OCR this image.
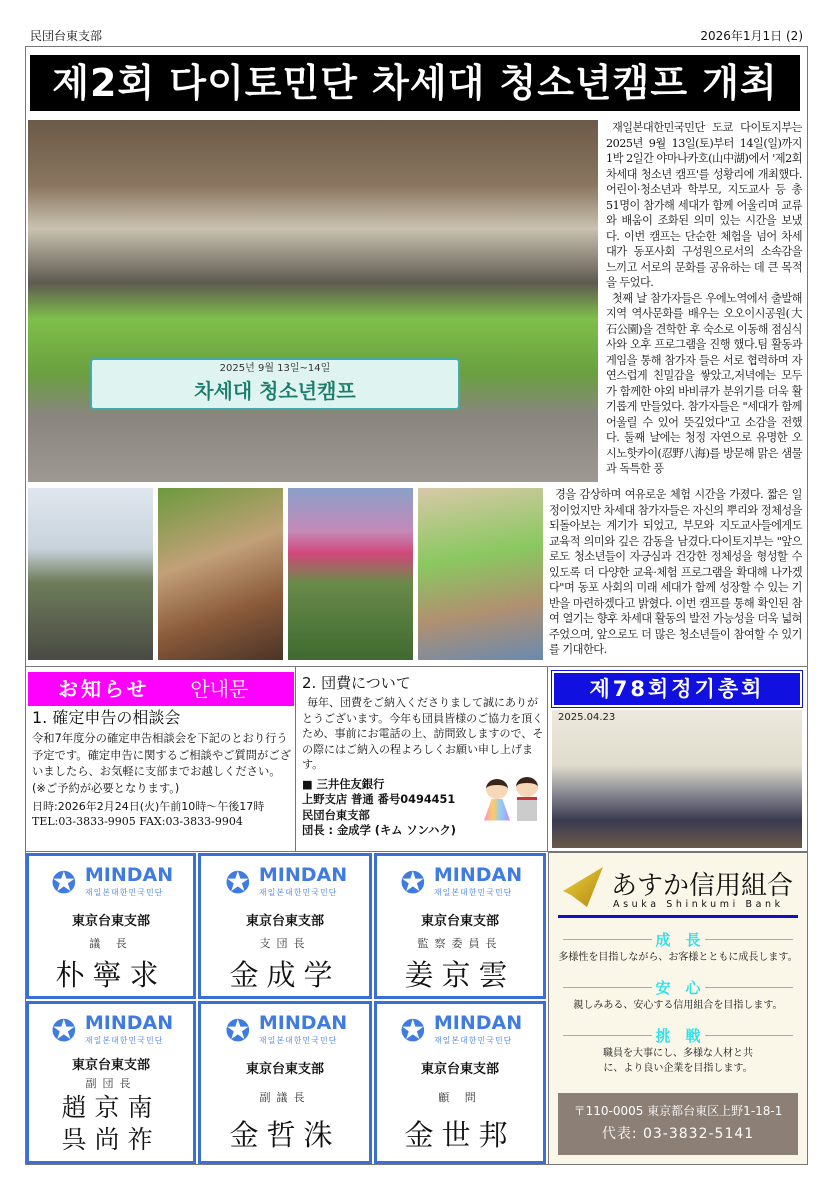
民団台東支部	2026年1月1日 (2)
제2회 다이토민단 차세대 청소년캠프 개최
2025년 9월 13일~14일
차세대 청소년캠프

재일본대한민국민단 도쿄 다이토지부는 2025년 9월 13일(토)부터 14일(일)까지 1박 2일간 야마나카호(山中湖)에서 '제2회 차세대 청소년 캠프'를 성황리에 개최했다. 어린이·청소년과 학부모, 지도교사 등 총51명이 참가해 세대가 함께 어울리며 교류와 배움이 조화된 의미 있는 시간을 보냈다. 이번 캠프는 단순한 체험을 넘어 차세대가 동포사회 구성원으로서의 소속감을 느끼고 서로의 문화를 공유하는 데 큰 목적을 두었다.

첫째 날 참가자들은 우에노역에서 출발해 지역 역사문화를 배우는 오오이시공원(大石公園)을 견학한 후 숙소로 이동해 점심식사와 오후 프로그램을 진행 했다.팀 활동과 게임을 통해 참가자 들은 서로 협력하며 자연스럽게 친밀감을 쌓았고,저녁에는 모두가 함께한 야외 바비큐가 분위기를 더욱 활기롭게 만들었다. 참가자들은 "세대가 함께 어울릴 수 있어 뜻깊었다"고 소감을 전했다. 둘째 날에는 청정 자연으로 유명한 오시노핫카이(忍野八海)를 방문해 맑은 샘물과 독특한 풍

경을 감상하며 여유로운 체험 시간을 가졌다. 짧은 일정이었지만 차세대 참가자들은 자신의 뿌리와 정체성을 되돌아보는 계기가 되었고, 부모와 지도교사들에게도 교육적 의미와 깊은 감동을 남겼다.다이토지부는 "앞으로도 청소년들이 자긍심과 건강한 정체성을 형성할 수 있도록 더 다양한 교육·체험 프로그램을 확대해 나가겠다"며 동포 사회의 미래 세대가 함께 성장할 수 있는 기반을 마련하겠다고 밝혔다. 이번 캠프를 통해 확인된 참여 열기는 향후 차세대 활동의 발전 가능성을 더욱 넓혀 주었으며, 앞으로도 더 많은 청소년들이 참여할 수 있기를 기대한다.
お知らせ 안내문
1. 確定申告の相談会
令和7年度分の確定申告相談会を下記のとおり行う予定です。確定申告に関するご相談やご質問がございましたら、お気軽に支部までお越しください。(※ご予約が必要となります。)
日時:2026年2月24日(火)午前10時～午後17時
TEL:03-3833-9905 FAX:03-3833-9904
2. 団費について
毎年、団費をご納入くださりまして誠にありがとうございます。今年も団員皆様のご協力を頂くため、事前にお電話の上、訪問致しますので、その際にはご納入の程よろしくお願い申し上げます。
■ 三井住友銀行
上野支店 普通 番号0494451
民団台東支部
団長 : 金成学 (キム ソンハク)
제78회정기총회
2025.04.23
✪ MINDAN
재일본대한민국민단
東京台東支部
議 長
朴寧求
✪ MINDAN
재일본대한민국민단
東京台東支部
支団長
金成学
✪ MINDAN
재일본대한민국민단
東京台東支部
監察委員長
姜京雲
✪ MINDAN
재일본대한민국민단
東京台東支部
副団長
趙京南
呉尚祚
✪ MINDAN
재일본대한민국민단
東京台東支部
副議長
金哲洙
✪ MINDAN
재일본대한민국민단
東京台東支部
顧 問
金世邦
あすか信用組合
Asuka Shinkumi Bank
成　長
多様性を目指しながら、お客様とともに成長します。
安　心
親しみある、安心する信用組合を目指します。
挑　戦
職員を大事にし、多様な人材と共に、より良い企業を目指します。
〒110-0005 東京都台東区上野1-18-1
代表: 03-3832-5141
